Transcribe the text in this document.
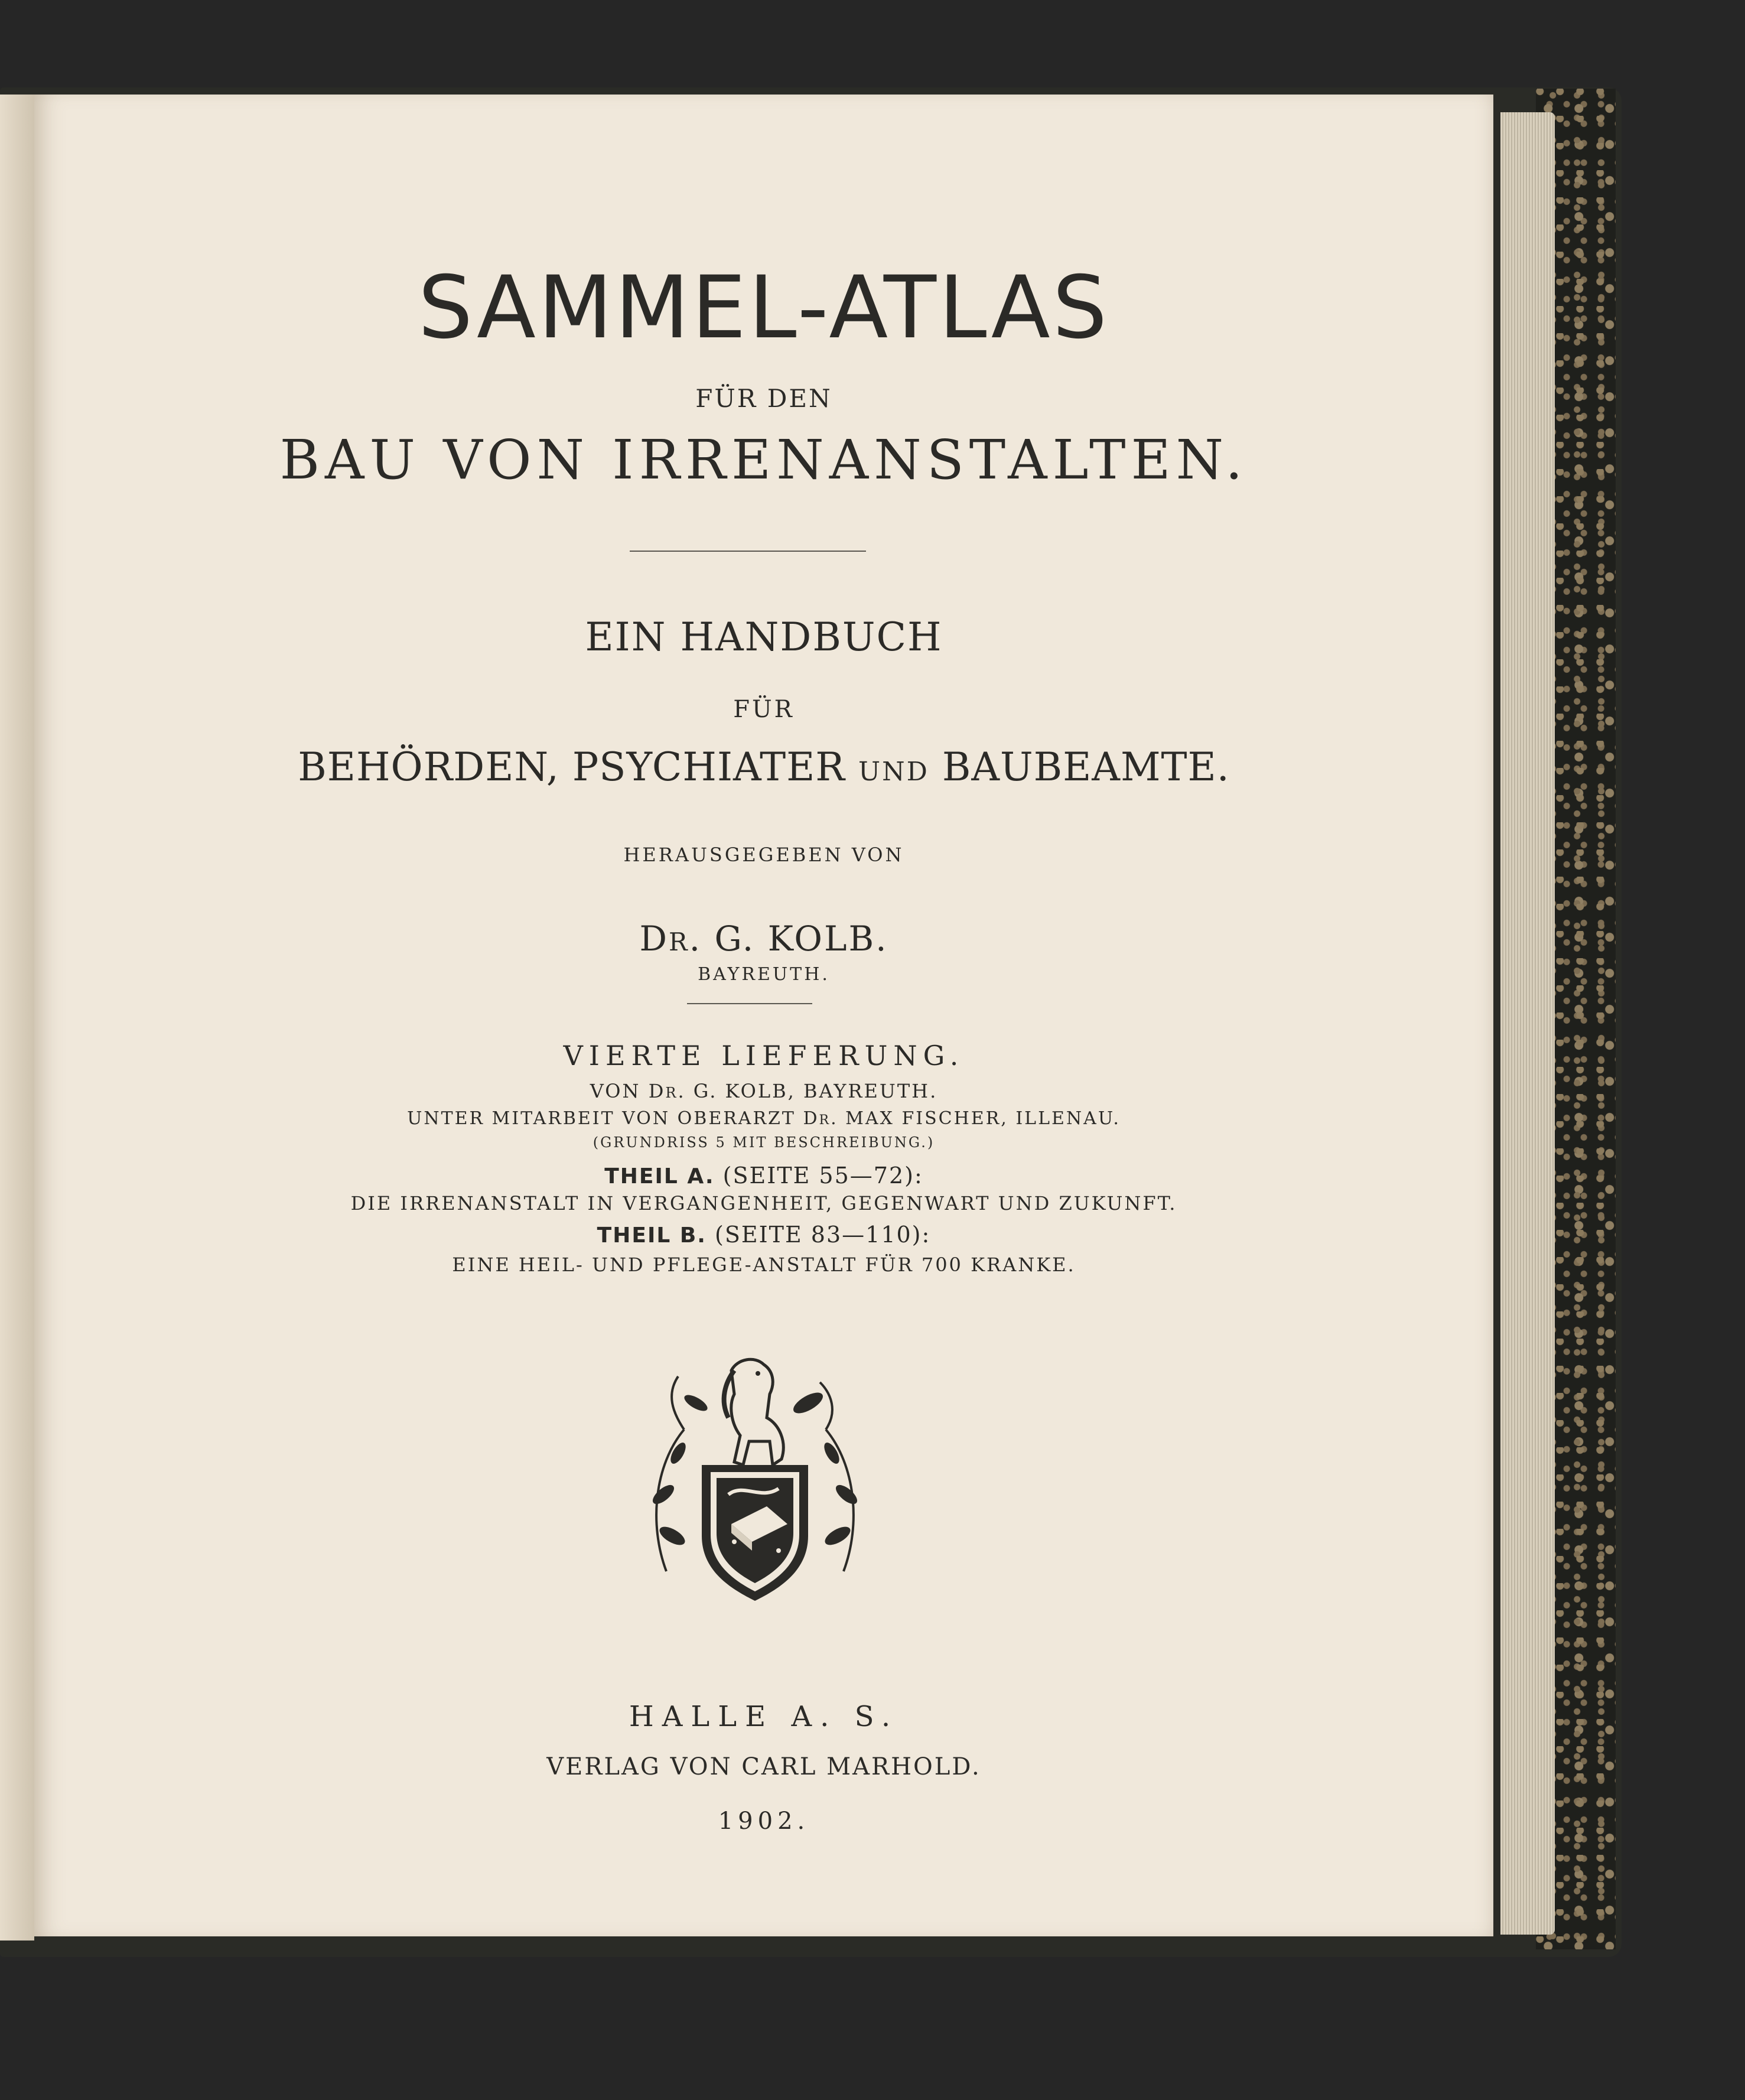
SAMMEL-ATLAS
FÜR DEN
BAU VON IRRENANSTALTEN.
EIN HANDBUCH
FÜR
BEHÖRDEN, PSYCHIATER UND BAUBEAMTE.
HERAUSGEGEBEN VON
DR. G. KOLB.
BAYREUTH.
VIERTE LIEFERUNG.
VON DR. G. KOLB, BAYREUTH.
UNTER MITARBEIT VON OBERARZT DR. MAX FISCHER, ILLENAU.
(GRUNDRISS 5 MIT BESCHREIBUNG.)
THEIL A. (SEITE 55—72):
DIE IRRENANSTALT IN VERGANGENHEIT, GEGENWART UND ZUKUNFT.
THEIL B. (SEITE 83—110):
EINE HEIL- UND PFLEGE-ANSTALT FÜR 700 KRANKE.
HALLE A. S.
VERLAG VON CARL MARHOLD.
1902.
